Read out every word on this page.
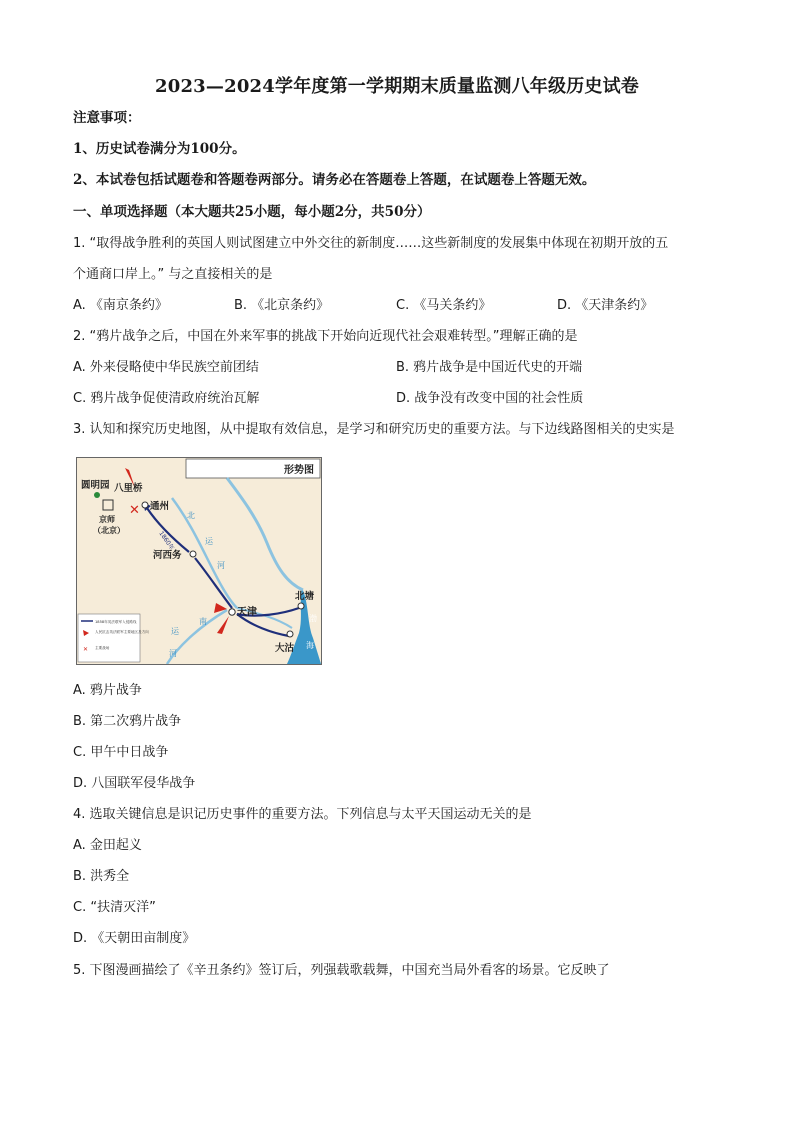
2023—2024学年度第一学期期末质量监测八年级历史试卷
注意事项：
1、历史试卷满分为100分。
2、本试卷包括试题卷和答题卷两部分。请务必在答题卷上答题，在试题卷上答题无效。
一、单项选择题（本大题共25小题，每小题2分，共50分）
1. “取得战争胜利的英国人则试图建立中外交往的新制度……这些新制度的发展集中体现在初期开放的五
个通商口岸上。” 与之直接相关的是
A. 《南京条约》	B. 《北京条约》	C. 《马关条约》	D. 《天津条约》
2. “鸦片战争之后，中国在外来军事的挑战下开始向近现代社会艰难转型。”理解正确的是
A. 外来侵略使中华民族空前团结	B. 鸦片战争是中国近代史的开端
C. 鸦片战争促使清政府统治瓦解	D. 战争没有改变中国的社会性质
3. 认知和探究历史地图，从中提取有效信息，是学习和研究历史的重要方法。与下边线路图相关的史实是
形势图
1860年
✕
圆明园 八里桥
通州
京师
（北京）
河西务
天津
北塘
大沽
北
运
河
南
运
河
渤
海
1858年英法联军入侵路线
人民抗击英法联军主要地区及方向
✕ 主要战场
A. 鸦片战争
B. 第二次鸦片战争
C. 甲午中日战争
D. 八国联军侵华战争
4. 选取关键信息是识记历史事件的重要方法。下列信息与太平天国运动无关的是
A. 金田起义
B. 洪秀全
C. “扶清灭洋”
D. 《天朝田亩制度》
5. 下图漫画描绘了《辛丑条约》签订后，列强载歌载舞，中国充当局外看客的场景。它反映了
